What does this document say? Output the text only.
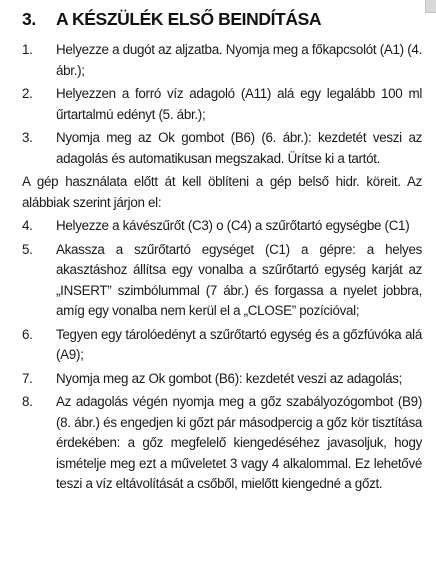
3.	A KÉSZÜLÉK ELSŐ BEINDÍTÁSA
1.	Helyezze a dugót az aljzatba. Nyomja meg a főkapcsolót (A1) (4. ábr.);
2.	Helyezzen a forró víz adagoló (A11) alá egy legalább 100 ml űrtartalmú edényt (5. ábr.);
3.	Nyomja meg az Ok gombot (B6) (6. ábr.): kezdetét veszi az adagolás és automatikusan megszakad. Ürítse ki a tartót.
A gép használata előtt át kell öblíteni a gép belső hidr. köreit. Az alábbiak szerint járjon el:
4.	Helyezze a kávészűrőt (C3) o (C4) a szűrőtartó egységbe (C1)
5.	Akassza a szűrőtartó egységet (C1) a gépre: a helyes akasztáshoz állítsa egy vonalba a szűrőtartó egység karját az „INSERT” szimbólummal (7 ábr.) és forgassa a nyelet jobbra, amíg egy vonalba nem kerül el a „CLOSE” pozícióval;
6.	Tegyen egy tárolóedényt a szűrőtartó egység és a gőzfúvóka alá (A9);
7.	Nyomja meg az Ok gombot (B6): kezdetét veszi az adagolás;
8.	Az adagolás végén nyomja meg a gőz szabályozógombot (B9) (8. ábr.) és engedjen ki gőzt pár másodpercig a gőz kör tisztítása érdekében: a gőz megfelelő kiengedéséhez javasoljuk, hogy ismételje meg ezt a műveletet 3 vagy 4 alkalommal. Ez lehetővé teszi a víz eltávolítását a csőből, mielőtt kiengedné a gőzt.
